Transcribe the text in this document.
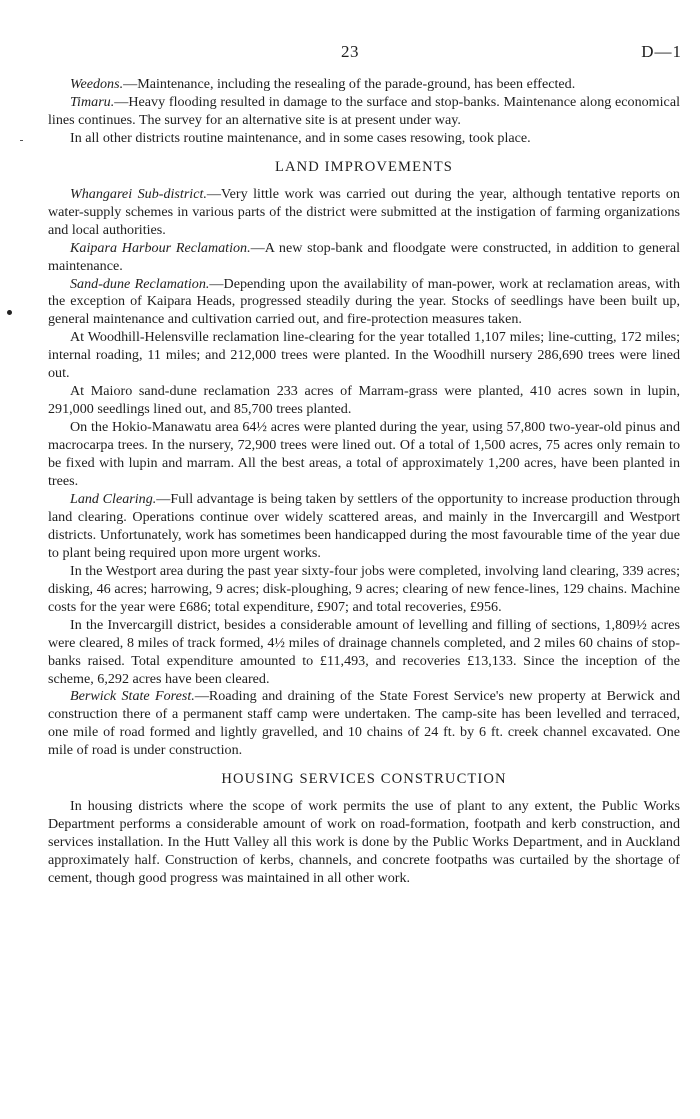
23	D—1

Weedons.—Maintenance, including the resealing of the parade-ground, has been effected.

Timaru.—Heavy flooding resulted in damage to the surface and stop-banks. Maintenance along economical lines continues. The survey for an alternative site is at present under way.

In all other districts routine maintenance, and in some cases resowing, took place.

LAND IMPROVEMENTS

Whangarei Sub-district.—Very little work was carried out during the year, although tentative reports on water-supply schemes in various parts of the district were submitted at the instigation of farming organizations and local authorities.

Kaipara Harbour Reclamation.—A new stop-bank and floodgate were constructed, in addition to general maintenance.

Sand-dune Reclamation.—Depending upon the availability of man-power, work at reclamation areas, with the exception of Kaipara Heads, progressed steadily during the year. Stocks of seedlings have been built up, general maintenance and cultivation carried out, and fire-protection measures taken.

At Woodhill-Helensville reclamation line-clearing for the year totalled 1,107 miles; line-cutting, 172 miles; internal roading, 11 miles; and 212,000 trees were planted. In the Woodhill nursery 286,690 trees were lined out.

At Maioro sand-dune reclamation 233 acres of Marram-grass were planted, 410 acres sown in lupin, 291,000 seedlings lined out, and 85,700 trees planted.

On the Hokio-Manawatu area 64½ acres were planted during the year, using 57,800 two-year-old pinus and macrocarpa trees. In the nursery, 72,900 trees were lined out. Of a total of 1,500 acres, 75 acres only remain to be fixed with lupin and marram. All the best areas, a total of approximately 1,200 acres, have been planted in trees.

Land Clearing.—Full advantage is being taken by settlers of the opportunity to increase production through land clearing. Operations continue over widely scattered areas, and mainly in the Invercargill and Westport districts. Unfortunately, work has sometimes been handicapped during the most favourable time of the year due to plant being required upon more urgent works.

In the Westport area during the past year sixty-four jobs were completed, involving land clearing, 339 acres; disking, 46 acres; harrowing, 9 acres; disk-ploughing, 9 acres; clearing of new fence-lines, 129 chains. Machine costs for the year were £686; total expenditure, £907; and total recoveries, £956.

In the Invercargill district, besides a considerable amount of levelling and filling of sections, 1,809½ acres were cleared, 8 miles of track formed, 4½ miles of drainage channels completed, and 2 miles 60 chains of stop-banks raised. Total expenditure amounted to £11,493, and recoveries £13,133. Since the inception of the scheme, 6,292 acres have been cleared.

Berwick State Forest.—Roading and draining of the State Forest Service's new property at Berwick and construction there of a permanent staff camp were undertaken. The camp-site has been levelled and terraced, one mile of road formed and lightly gravelled, and 10 chains of 24 ft. by 6 ft. creek channel excavated. One mile of road is under construction.

HOUSING SERVICES CONSTRUCTION

In housing districts where the scope of work permits the use of plant to any extent, the Public Works Department performs a considerable amount of work on road-formation, footpath and kerb construction, and services installation. In the Hutt Valley all this work is done by the Public Works Department, and in Auckland approximately half. Construction of kerbs, channels, and concrete footpaths was curtailed by the shortage of cement, though good progress was maintained in all other work.
